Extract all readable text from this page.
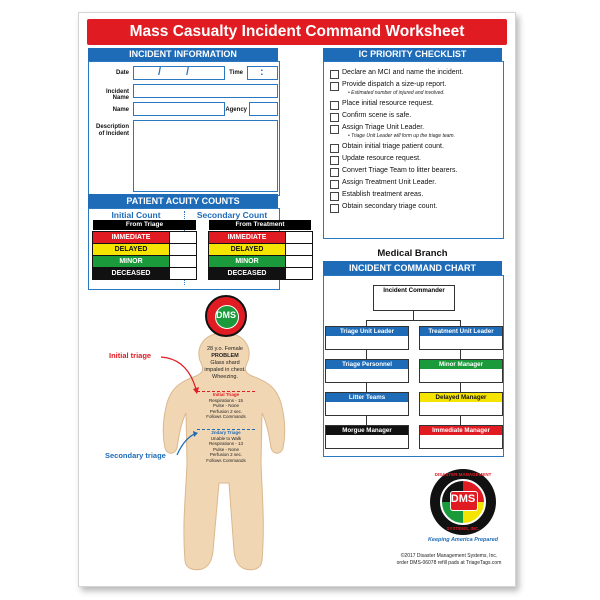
Mass Casualty Incident Command Worksheet
INCIDENT INFORMATION
Date	/ /	Time :
Incident Name
Name	Agency
Description of Incident
PATIENT ACUITY COUNTS
Initial Count	Secondary Count
From Triage	From Treatment
IMMEDIATE
DELAYED
MINOR
DECEASED
IMMEDIATE
DELAYED
MINOR
DECEASED
IC PRIORITY CHECKLIST
Declare an MCI and name the incident.
Provide dispatch a size-up report.
• Estimated number of injured and involved.
Place initial resource request.
Confirm scene is safe.
Assign Triage Unit Leader.
• Triage Unit Leader will form up the triage team.
Obtain initial triage patient count.
Update resource request.
Convert Triage Team to litter bearers.
Assign Treatment Unit Leader.
Establish treatment areas.
Obtain secondary triage count.
Medical Branch
INCIDENT COMMAND CHART
Incident Commander
Triage Unit Leader	Treatment Unit Leader
Triage Personnel	Minor Manager
Litter Teams	Delayed Manager
Morgue Manager	Immediate Manager
DMS
28 y.o. Female
PROBLEM
Glass shard
impaled in chest.
Wheezing.
Initial Triage
Respirations - 15
Pulse - None
Perfusion 2 sec.
Follows Commands
2ndary Triage
Unable to Walk
Respirations - 13
Pulse - None
Perfusion 2 sec.
Follows Commands
Initial triage
Secondary triage
DISASTER MANAGEMENT
DMS
SYSTEMS, INC.
Keeping America Prepared
©2017 Disaster Management Systems, Inc.
order DMS-06078 refill pads at TriageTags.com
